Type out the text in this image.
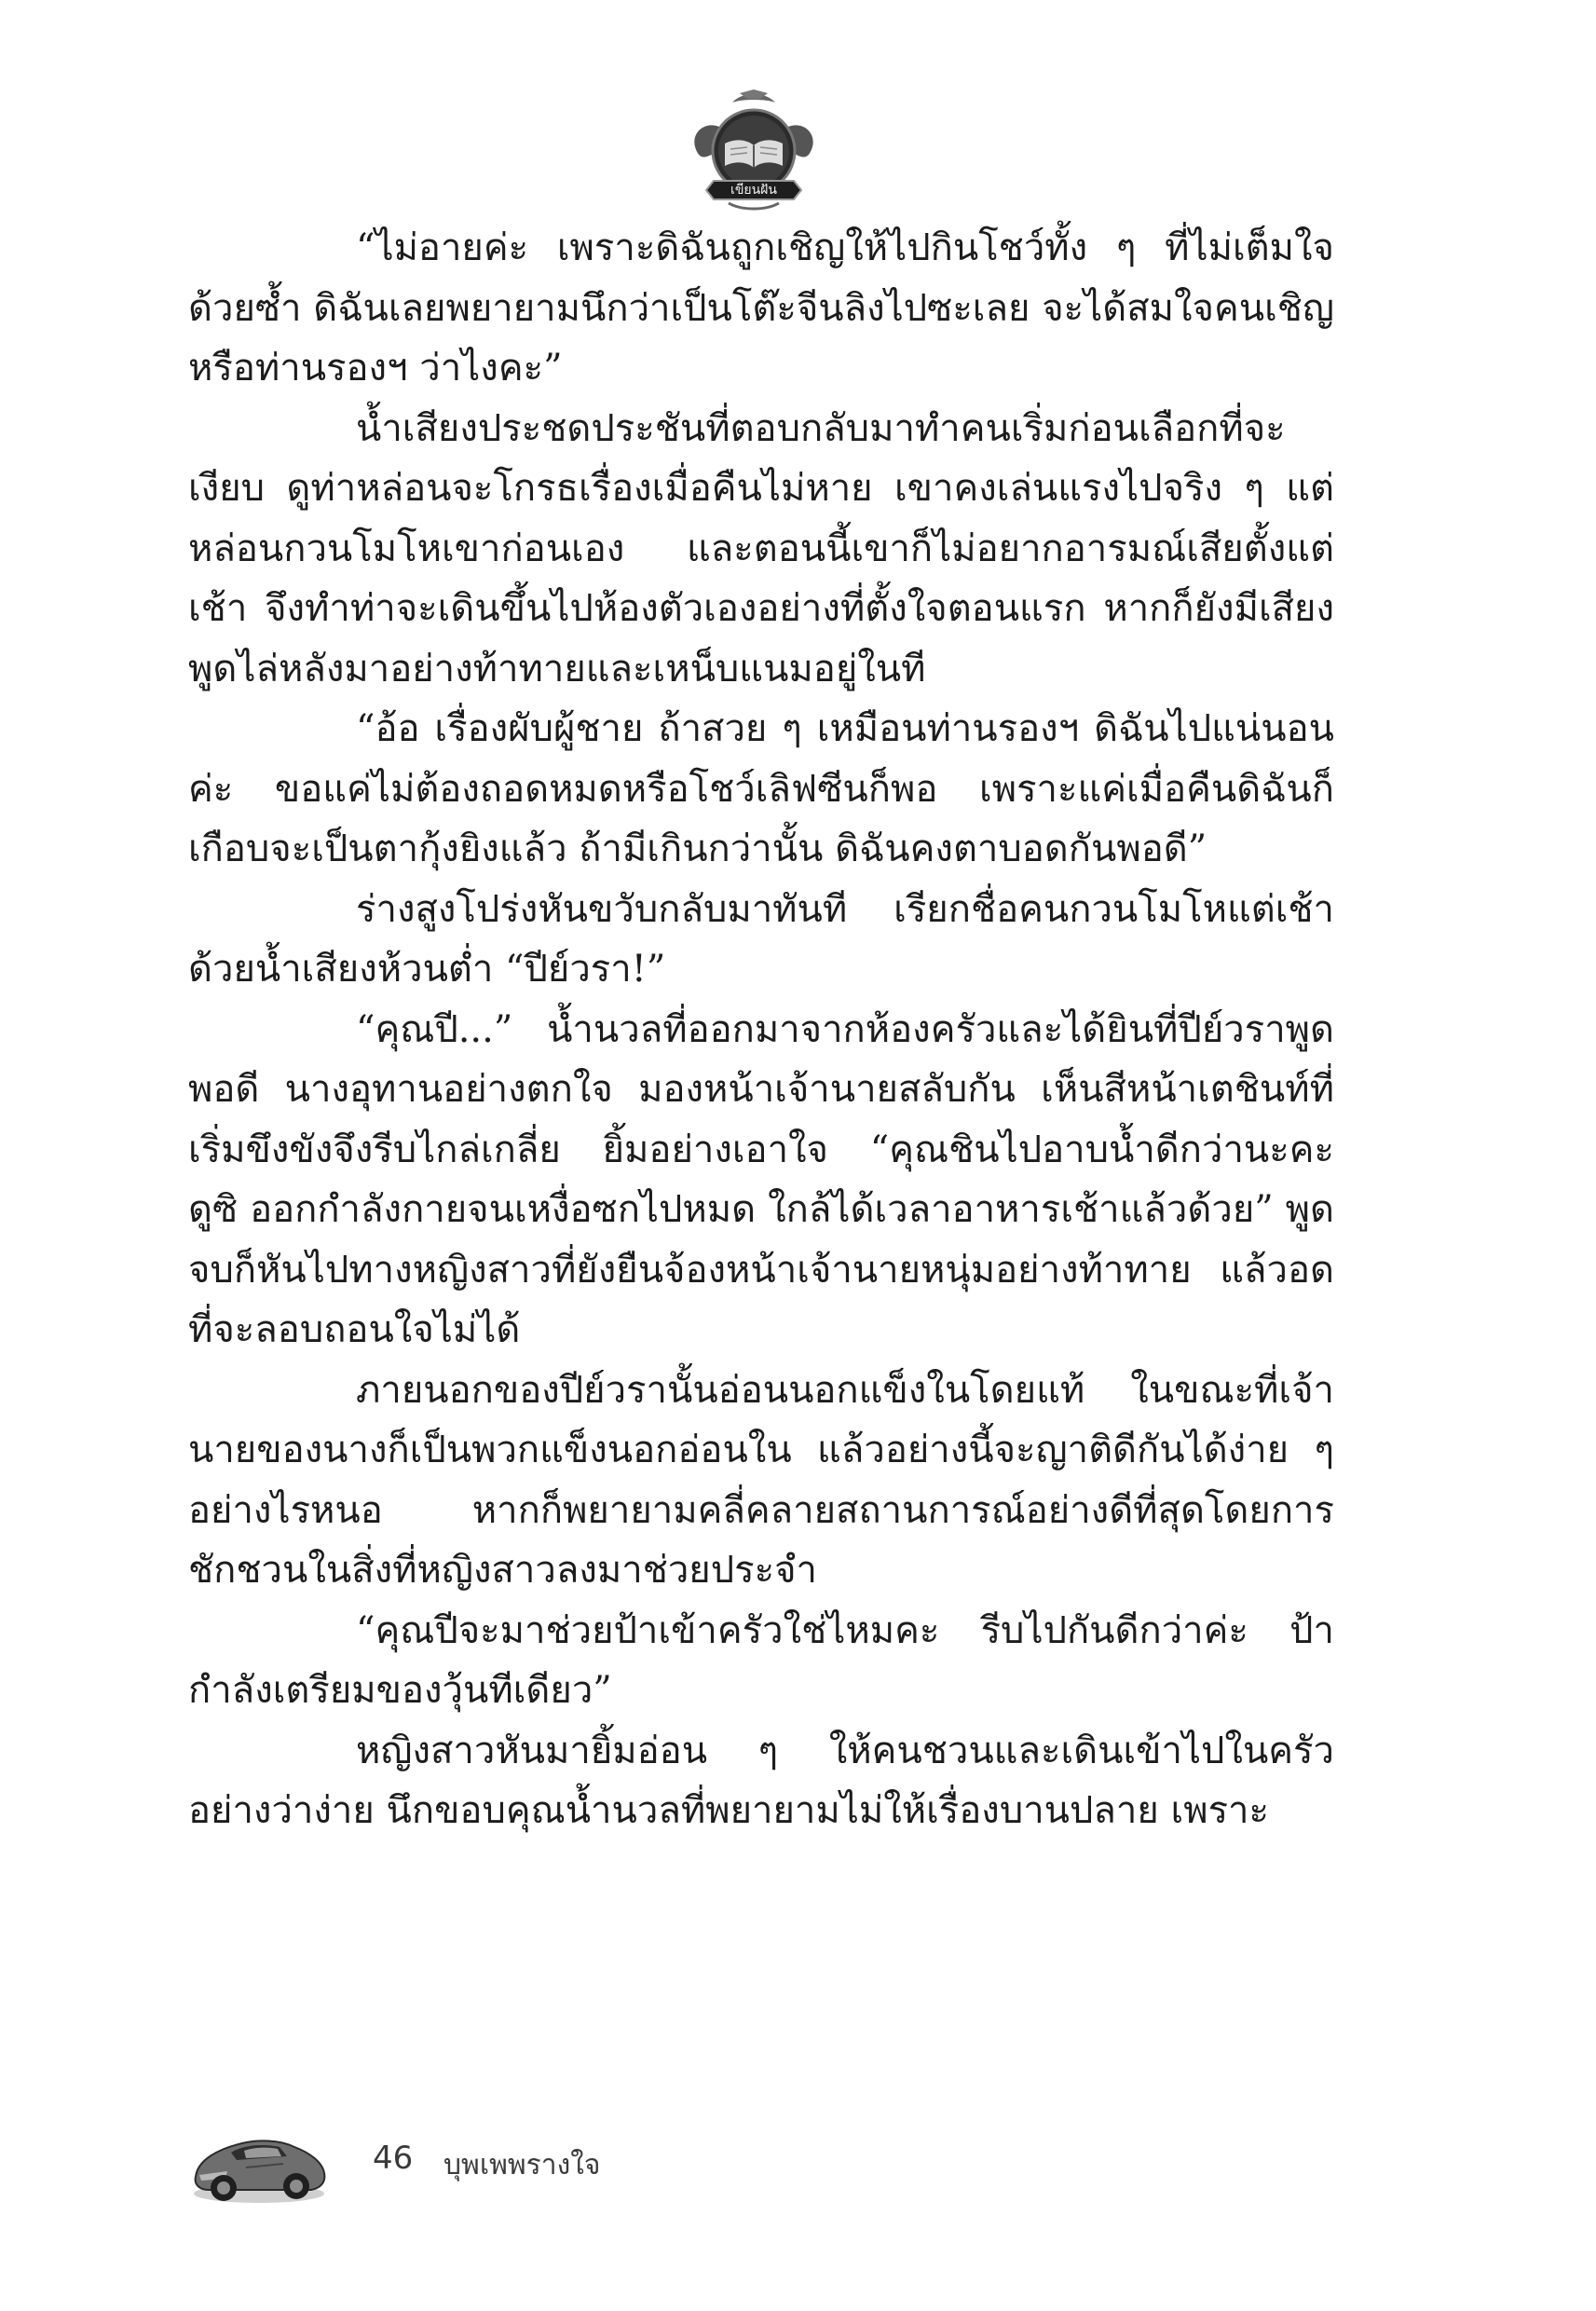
เขียนฝัน

“ไม่อายค่ะ เพราะดิฉันถูกเชิญให้ไปกินโชว์ทั้ง ๆ ที่ไม่เต็มใจด้วยซ้ำ ดิฉันเลยพยายามนึกว่าเป็นโต๊ะจีนลิงไปซะเลย จะได้สมใจคนเชิญ หรือท่านรองฯ ว่าไงคะ”

น้ำเสียงประชดประชันที่ตอบกลับมาทำคนเริ่มก่อนเลือกที่จะเงียบ ดูท่าหล่อนจะโกรธเรื่องเมื่อคืนไม่หาย เขาคงเล่นแรงไปจริง ๆ แต่หล่อนกวนโมโหเขาก่อนเอง และตอนนี้เขาก็ไม่อยากอารมณ์เสียตั้งแต่เช้า จึงทำท่าจะเดินขึ้นไปห้องตัวเองอย่างที่ตั้งใจตอนแรก หากก็ยังมีเสียงพูดไล่หลังมาอย่างท้าทายและเหน็บแนมอยู่ในที

“อ้อ เรื่องผับผู้ชาย ถ้าสวย ๆ เหมือนท่านรองฯ ดิฉันไปแน่นอนค่ะ ขอแค่ไม่ต้องถอดหมดหรือโชว์เลิฟซีนก็พอ เพราะแค่เมื่อคืนดิฉันก็เกือบจะเป็นตากุ้งยิงแล้ว ถ้ามีเกินกว่านั้น ดิฉันคงตาบอดกันพอดี”

ร่างสูงโปร่งหันขวับกลับมาทันที เรียกชื่อคนกวนโมโหแต่เช้าด้วยน้ำเสียงห้วนต่ำ “ปีย์วรา!”

“คุณปี...” น้ำนวลที่ออกมาจากห้องครัวและได้ยินที่ปีย์วราพูดพอดี นางอุทานอย่างตกใจ มองหน้าเจ้านายสลับกัน เห็นสีหน้าเตชินท์ที่เริ่มขึงขังจึงรีบไกล่เกลี่ย ยิ้มอย่างเอาใจ “คุณชินไปอาบน้ำดีกว่านะคะ ดูซิ ออกกำลังกายจนเหงื่อซกไปหมด ใกล้ได้เวลาอาหารเช้าแล้วด้วย” พูดจบก็หันไปทางหญิงสาวที่ยังยืนจ้องหน้าเจ้านายหนุ่มอย่างท้าทาย แล้วอดที่จะลอบถอนใจไม่ได้

ภายนอกของปีย์วรานั้นอ่อนนอกแข็งในโดยแท้ ในขณะที่เจ้านายของนางก็เป็นพวกแข็งนอกอ่อนใน แล้วอย่างนี้จะญาติดีกันได้ง่าย ๆ อย่างไรหนอ หากก็พยายามคลี่คลายสถานการณ์อย่างดีที่สุดโดยการชักชวนในสิ่งที่หญิงสาวลงมาช่วยประจำ

“คุณปีจะมาช่วยป้าเข้าครัวใช่ไหมคะ รีบไปกันดีกว่าค่ะ ป้ากำลังเตรียมของวุ้นทีเดียว”

หญิงสาวหันมายิ้มอ่อน ๆ ให้คนชวนและเดินเข้าไปในครัวอย่างว่าง่าย นึกขอบคุณน้ำนวลที่พยายามไม่ให้เรื่องบานปลาย เพราะ

46 บุพเพพรางใจ
